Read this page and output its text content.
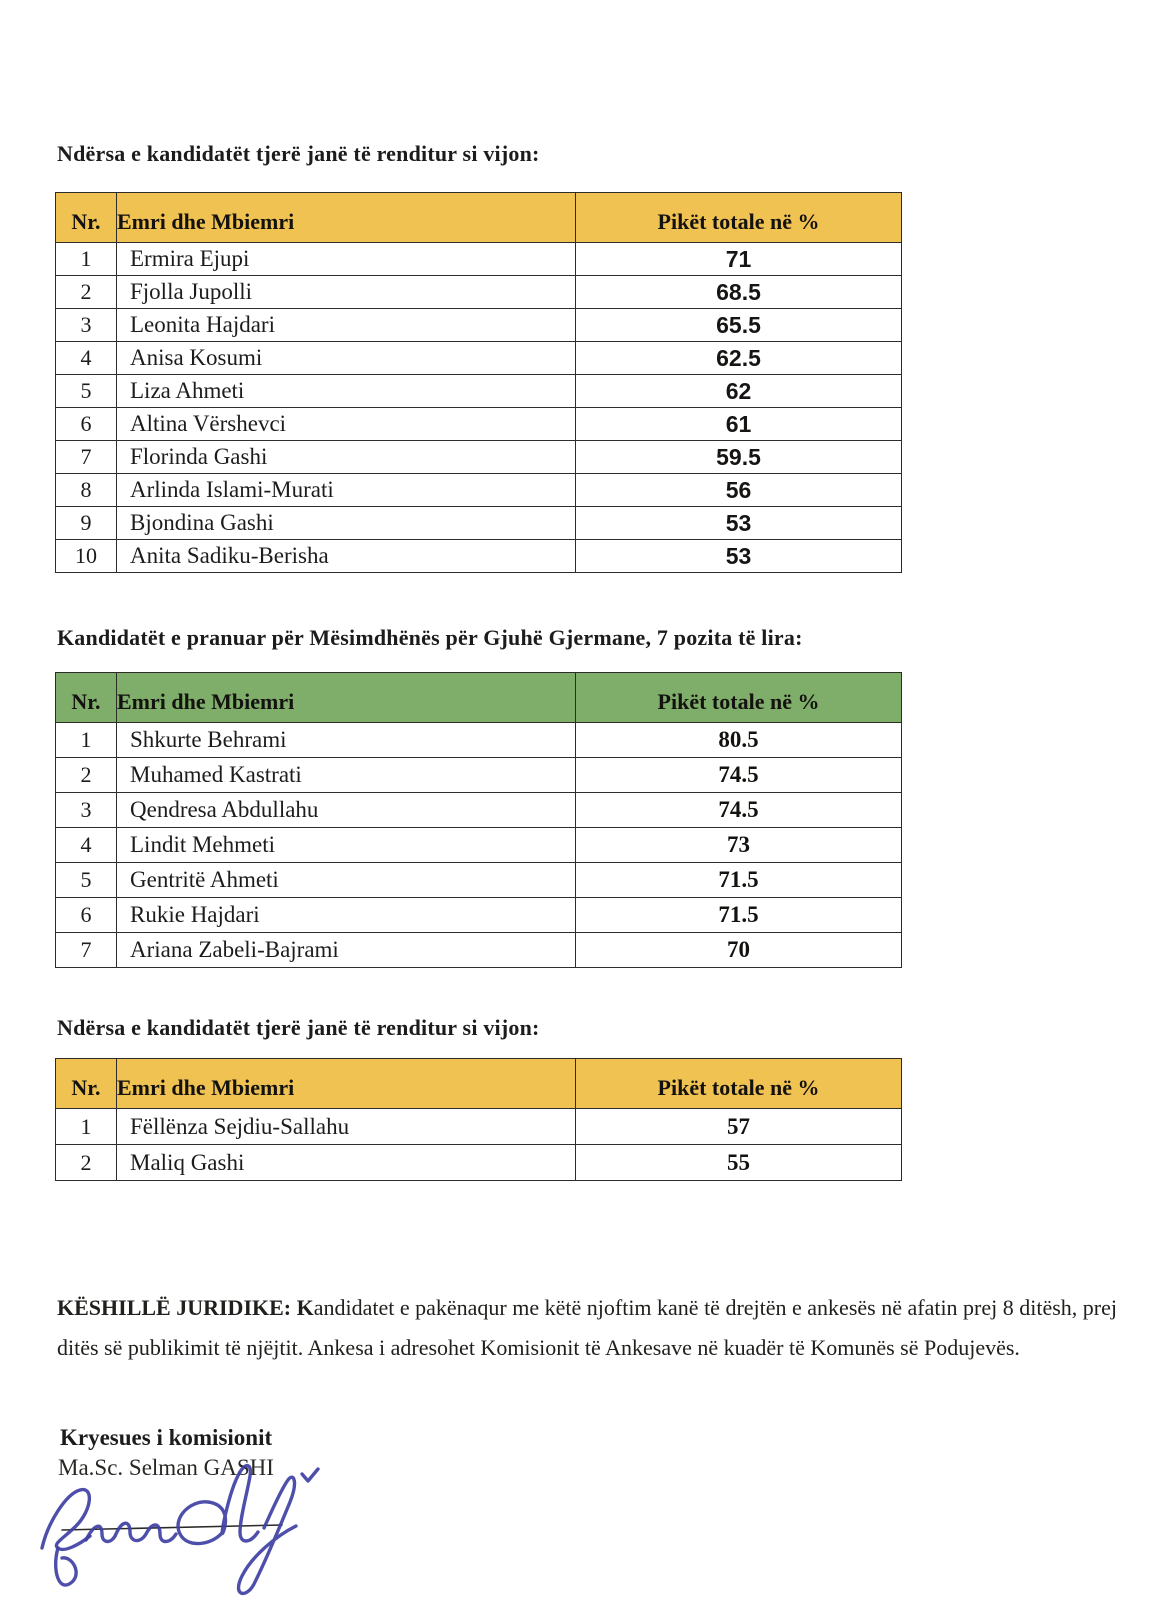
Ndërsa e kandidatët tjerë janë të renditur si vijon:
Nr.	Emri dhe Mbiemri	Pikët totale në %
1	Ermira Ejupi	71
2	Fjolla Jupolli	68.5
3	Leonita Hajdari	65.5
4	Anisa Kosumi	62.5
5	Liza Ahmeti	62
6	Altina Vërshevci	61
7	Florinda Gashi	59.5
8	Arlinda Islami-Murati	56
9	Bjondina Gashi	53
10	Anita Sadiku-Berisha	53
Kandidatët e pranuar për Mësimdhënës për Gjuhë Gjermane, 7 pozita të lira:
Nr.	Emri dhe Mbiemri	Pikët totale në %
1	Shkurte Behrami	80.5
2	Muhamed Kastrati	74.5
3	Qendresa Abdullahu	74.5
4	Lindit Mehmeti	73
5	Gentritë Ahmeti	71.5
6	Rukie Hajdari	71.5
7	Ariana Zabeli-Bajrami	70
Ndërsa e kandidatët tjerë janë të renditur si vijon:
Nr.	Emri dhe Mbiemri	Pikët totale në %
1	Fëllënza Sejdiu-Sallahu	57
2	Maliq Gashi	55

KËSHILLË JURIDIKE: Kandidatet e pakënaqur me këtë njoftim kanë të drejtën e ankesës në afatin prej 8 ditësh, prej ditës së publikimit të njëjtit. Ankesa i adresohet Komisionit të Ankesave në kuadër të Komunës së Podujevës.

Kryesues i komisionit

Ma.Sc. Selman GASHI
